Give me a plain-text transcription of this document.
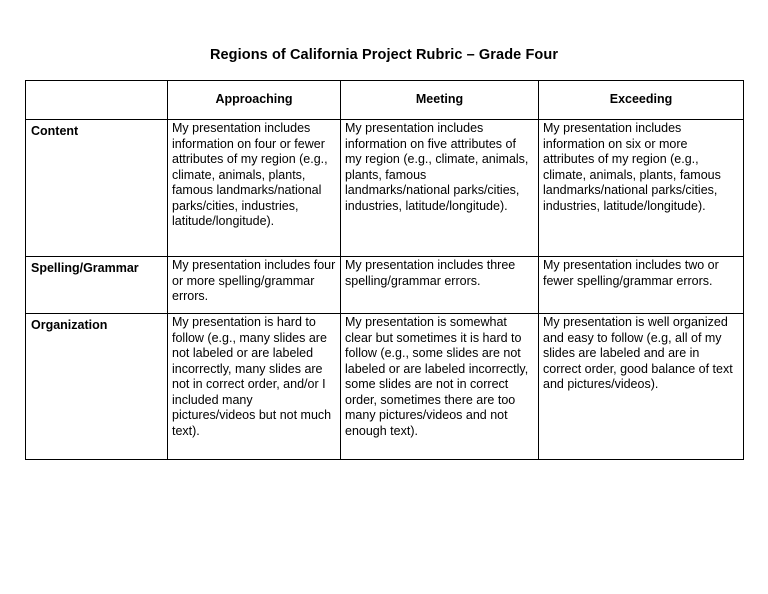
Regions of California Project Rubric – Grade Four
	Approaching	Meeting	Exceeding
Content	My presentation includes information on four or fewer attributes of my region (e.g., climate, animals, plants, famous landmarks/national parks/cities, industries, latitude/longitude).	My presentation includes information on five attributes of my region (e.g., climate, animals, plants, famous landmarks/national parks/cities, industries, latitude/longitude).	My presentation includes information on six or more attributes of my region (e.g., climate, animals, plants, famous landmarks/national parks/cities, industries, latitude/longitude).
Spelling/Grammar	My presentation includes four or more spelling/grammar errors.	My presentation includes three spelling/grammar errors.	My presentation includes two or fewer spelling/grammar errors.
Organization	My presentation is hard to follow (e.g., many slides are not labeled or are labeled incorrectly, many slides are not in correct order, and/or I included many pictures/videos but not much text).	My presentation is somewhat clear but sometimes it is hard to follow (e.g., some slides are not labeled or are labeled incorrectly, some slides are not in correct order, sometimes there are too many pictures/videos and not enough text).	My presentation is well organized and easy to follow (e.g, all of my slides are labeled and are in correct order, good balance of text and pictures/videos).
